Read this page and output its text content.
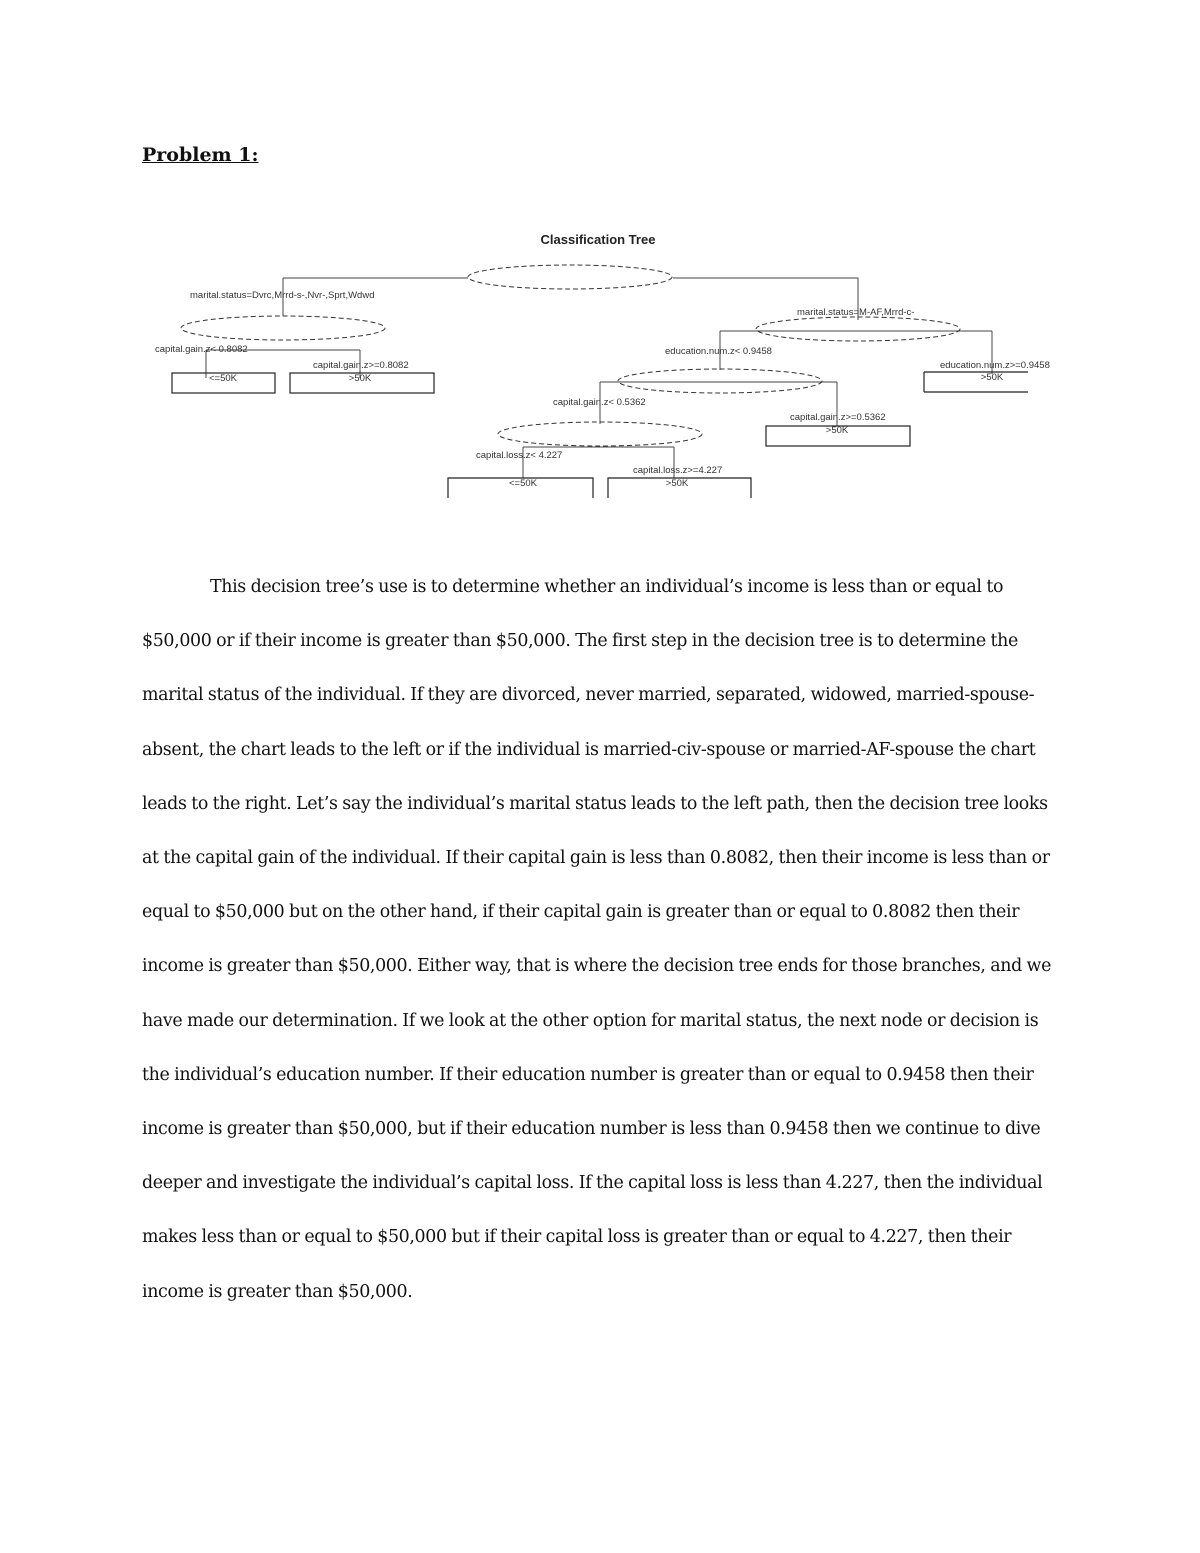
Problem 1:
Classification Tree
marital.status=Dvrc,Mrrd-s-,Nvr-,Sprt,Wdwd
marital.status=M-AF,Mrrd-c-
capital.gain.z< 0.8082
capital.gain.z>=0.8082
education.num.z< 0.9458
education.num.z>=0.9458
capital.gain.z< 0.5362
capital.gain.z>=0.5362
capital.loss.z< 4.227
capital.loss.z>=4.227
<=50K	>50K	>50K
>50K
<=50K	>50K

This decision tree’s use is to determine whether an individual’s income is less than or equal to $50,000 or if their income is greater than $50,000. The first step in the decision tree is to determine the marital status of the individual. If they are divorced, never married, separated, widowed, married-spouse-absent, the chart leads to the left or if the individual is married-civ-spouse or married-AF-spouse the chart leads to the right. Let’s say the individual’s marital status leads to the left path, then the decision tree looks at the capital gain of the individual. If their capital gain is less than 0.8082, then their income is less than or equal to $50,000 but on the other hand, if their capital gain is greater than or equal to 0.8082 then their income is greater than $50,000. Either way, that is where the decision tree ends for those branches, and we have made our determination. If we look at the other option for marital status, the next node or decision is the individual’s education number. If their education number is greater than or equal to 0.9458 then their income is greater than $50,000, but if their education number is less than 0.9458 then we continue to dive deeper and investigate the individual’s capital loss. If the capital loss is less than 4.227, then the individual makes less than or equal to $50,000 but if their capital loss is greater than or equal to 4.227, then their income is greater than $50,000.
